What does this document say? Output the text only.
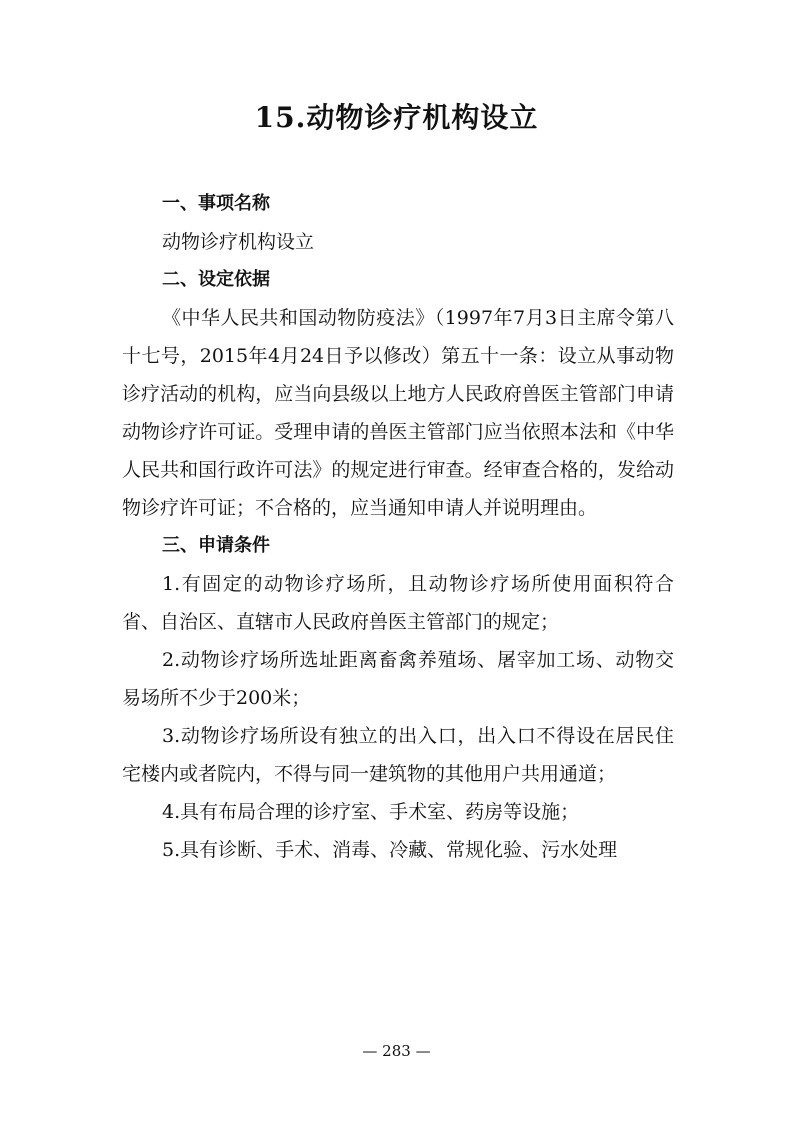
15.动物诊疗机构设立
一、事项名称

动物诊疗机构设立

二、设定依据

《中华人民共和国动物防疫法》（1997年7月3日主席令第八十七号，2015年4月24日予以修改）第五十一条：设立从事动物诊疗活动的机构，应当向县级以上地方人民政府兽医主管部门申请动物诊疗许可证。受理申请的兽医主管部门应当依照本法和《中华人民共和国行政许可法》的规定进行审查。经审查合格的，发给动物诊疗许可证；不合格的，应当通知申请人并说明理由。

三、申请条件

1.有固定的动物诊疗场所，且动物诊疗场所使用面积符合省、自治区、直辖市人民政府兽医主管部门的规定；

2.动物诊疗场所选址距离畜禽养殖场、屠宰加工场、动物交易场所不少于200米；

3.动物诊疗场所设有独立的出入口，出入口不得设在居民住宅楼内或者院内，不得与同一建筑物的其他用户共用通道；

4.具有布局合理的诊疗室、手术室、药房等设施；

5.具有诊断、手术、消毒、冷藏、常规化验、污水处理

— 283 —
